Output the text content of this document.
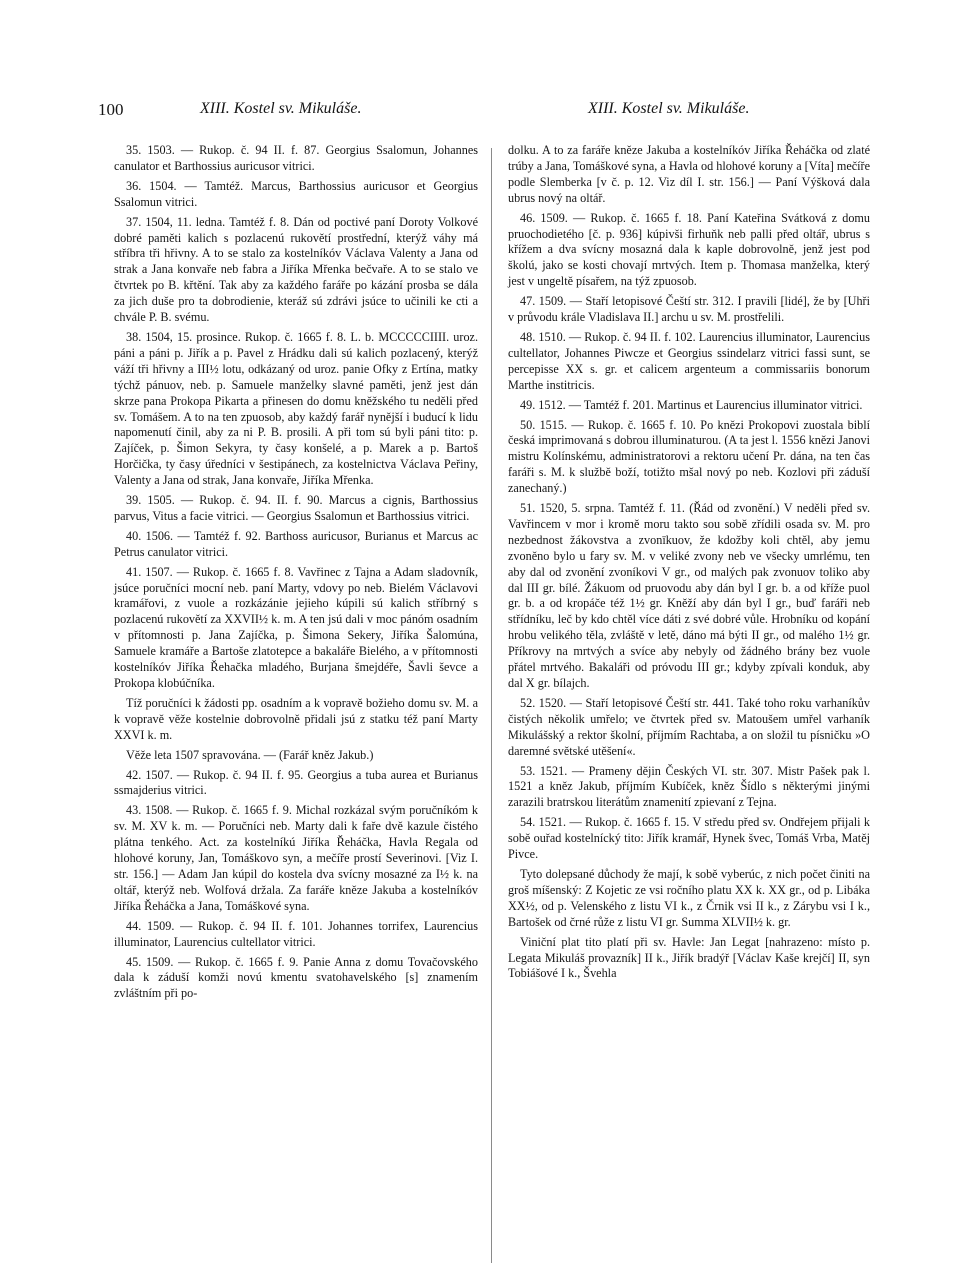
100	XIII. Kostel sv. Mikuláše.	XIII. Kostel sv. Mikuláše.

35. 1503. — Rukop. č. 94 II. f. 87. Georgius Ssalomun, Johannes canulator et Barthossius auricusor vitrici.

36. 1504. — Tamtéž. Marcus, Barthossius auricusor et Georgius Ssalomun vitrici.

37. 1504, 11. ledna. Tamtéž f. 8. Dán od poctivé paní Doroty Volkové dobré paměti kalich s pozlacenú rukovětí prostřední, kterýž váhy má stříbra tři hřivny. A to se stalo za kostelníkóv Václava Valenty a Jana od strak a Jana konvaře neb fabra a Jiříka Mřenka bečvaře. A to se stalo ve čtvrtek po B. křtění. Tak aby za každého faráře po kázání prosba se dála za jich duše pro ta dobrodienie, kteráž sú zdrávi jsúce to učinili ke cti a chvále P. B. svému.

38. 1504, 15. prosince. Rukop. č. 1665 f. 8. L. b. MCCCCCIIII. uroz. páni a páni p. Jiřík a p. Pavel z Hrádku dali sú kalich pozlacený, kterýž váží tři hřivny a III½ lotu, odkázaný od uroz. panie Ofky z Ertína, matky týchž pánuov, neb. p. Samuele manželky slavné paměti, jenž jest dán skrze pana Prokopa Pikarta a přinesen do domu kněžského tu neděli před sv. Tomášem. A to na ten zpuosob, aby každý farář nynější i buducí k lidu napomenutí činil, aby za ni P. B. prosili. A při tom sú byli páni tito: p. Zajíček, p. Šimon Sekyra, ty časy konšelé, a p. Marek a p. Bartoš Horčička, ty časy úředníci v šestipánech, za kostelnictva Václava Peřiny, Valenty a Jana od strak, Jana konvaře, Jiříka Mřenka.

39. 1505. — Rukop. č. 94. II. f. 90. Marcus a cignis, Barthossius parvus, Vitus a facie vitrici. — Georgius Ssalomun et Barthossius vitrici.

40. 1506. — Tamtéž f. 92. Barthoss auricusor, Burianus et Marcus ac Petrus canulator vitrici.

41. 1507. — Rukop. č. 1665 f. 8. Vavřinec z Tajna a Adam sladovník, jsúce poručníci mocní neb. paní Marty, vdovy po neb. Bielém Václavovi kramářovi, z vuole a rozkázánie jejieho kúpili sú kalich stříbrný s pozlacenú rukovětí za XXVII½ k. m. A ten jsú dali v moc pánóm osadním v přítomnosti p. Jana Zajíčka, p. Šimona Sekery, Jiříka Šalomúna, Samuele kramáře a Bartoše zlatotepce a bakaláře Bielého, a v přítomnosti kostelníkóv Jiříka Řehačka mladého, Burjana šmejdéře, Šavli ševce a Prokopa klobúčníka.

Tíž poručníci k žádosti pp. osadním a k vopravě božieho domu sv. M. a k vopravě věže kostelnie dobrovolně přidali jsú z statku též paní Marty XXVI k. m.

Věže leta 1507 spravována. — (Farář kněz Jakub.)

42. 1507. — Rukop. č. 94 II. f. 95. Georgius a tuba aurea et Burianus ssmajderius vitrici.

43. 1508. — Rukop. č. 1665 f. 9. Michal rozkázal svým poručníkóm k sv. M. XV k. m. — Poručníci neb. Marty dali k faře dvě kazule čistého plátna tenkého. Act. za kostelníkú Jiříka Řeháčka, Havla Regala od hlohové koruny, Jan, Tomáškovo syn, a mečíře prostí Severinovi. [Viz I. str. 156.] — Adam Jan kúpil do kostela dva svícny mosazné za I½ k. na oltář, kterýž neb. Wolfová držala. Za faráře kněze Jakuba a kostelníkóv Jiříka Řeháčka a Jana, Tomáškové syna.

44. 1509. — Rukop. č. 94 II. f. 101. Johannes torrifex, Laurencius illuminator, Laurencius cultellator vitrici.

45. 1509. — Rukop. č. 1665 f. 9. Panie Anna z domu Tovačovského dala k záduší komži novú kmentu svatohavelského [s] znamením zvláštním při po-

dolku. A to za faráře kněze Jakuba a kostelníkóv Jiříka Řeháčka od zlaté trúby a Jana, Tomáškové syna, a Havla od hlohové koruny a [Víta] mečíře podle Slemberka [v č. p. 12. Viz díl I. str. 156.] — Paní Výšková dala ubrus nový na oltář.

46. 1509. — Rukop. č. 1665 f. 18. Paní Kateřina Svátková z domu pruochodietého [č. p. 936] kúpivši firhuňk neb palli před oltář, ubrus s křížem a dva svícny mosazná dala k kaple dobrovolně, jenž jest pod školú, jako se kosti chovají mrtvých. Item p. Thomasa manželka, který jest v ungeltě písařem, na týž zpuosob.

47. 1509. — Staří letopisové Čeští str. 312. I pravili [lidé], že by [Uhři v průvodu krále Vladislava II.] archu u sv. M. prostřelili.

48. 1510. — Rukop. č. 94 II. f. 102. Laurencius illuminator, Laurencius cultellator, Johannes Piwcze et Georgius ssindelarz vitrici fassi sunt, se percepisse XX s. gr. et calicem argenteum a commissariis bonorum Marthe institricis.

49. 1512. — Tamtéž f. 201. Martinus et Laurencius illuminator vitrici.

50. 1515. — Rukop. č. 1665 f. 10. Po knězi Prokopovi zuostala biblí česká imprimovaná s dobrou illuminaturou. (A ta jest l. 1556 knězi Janovi mistru Kolínskému, administratorovi a rektoru učení Pr. dána, na ten čas faráři s. M. k službě boží, totižto mšal nový po neb. Kozlovi při záduší zanechaný.)

51. 1520, 5. srpna. Tamtéž f. 11. (Řád od zvonění.) V neděli před sv. Vavřincem v mor i kromě moru takto sou sobě zřídili osada sv. M. pro nezbednost žákovstva a zvonīkuov, že kdožby koli chtěl, aby jemu zvoněno bylo u fary sv. M. v veliké zvony neb ve všecky umrlému, ten aby dal od zvonění zvoníkovi V gr., od malých pak zvonuov toliko aby dal III gr. bílé. Žákuom od pruovodu aby dán byl I gr. b. a od kříže puol gr. b. a od kropáče též 1½ gr. Kněží aby dán byl I gr., buď faráři neb střídníku, leč by kdo chtěl více dáti z své dobré vůle. Hrobníku od kopání hrobu velikého těla, zvláště v letě, dáno má býti II gr., od malého 1½ gr. Příkrovy na mrtvých a svíce aby nebyly od žádného brány bez vuole přátel mrtvého. Bakaláři od próvodu III gr.; kdyby zpívali konduk, aby dal X gr. bílajch.

52. 1520. — Staří letopisové Čeští str. 441. Také toho roku varhaníkův čistých několik umřelo; ve čtvrtek před sv. Matoušem umřel varhaník Mikulášský a rektor školní, příjmím Rachtaba, a on složil tu písničku »O daremné světské utěšení«.

53. 1521. — Prameny dějin Českých VI. str. 307. Mistr Pašek pak l. 1521 a kněz Jakub, příjmím Kubíček, kněz Šídlo s některými jinými zarazili bratrskou literátům znamenití zpievaní z Tejna.

54. 1521. — Rukop. č. 1665 f. 15. V středu před sv. Ondřejem přijali k sobě ouřad kostelnícký tito: Jiřík kramář, Hynek švec, Tomáš Vrba, Matěj Pivce.

Tyto dolepsané důchody že mají, k sobě vyberúc, z nich počet činiti na groš míšenský: Z Kojetic ze vsi ročního platu XX k. XX gr., od p. Libáka XX½, od p. Velenského z listu VI k., z Črnik vsi II k., z Zárybu vsi I k., Bartošek od črné růže z listu VI gr. Summa XLVII½ k. gr.

Viniční plat tito platí při sv. Havle: Jan Legat [nahrazeno: místo p. Legata Mikuláš provazník] II k., Jiřík bradýř [Václav Kaše krejčí] II, syn Tobiášové I k., Švehla
